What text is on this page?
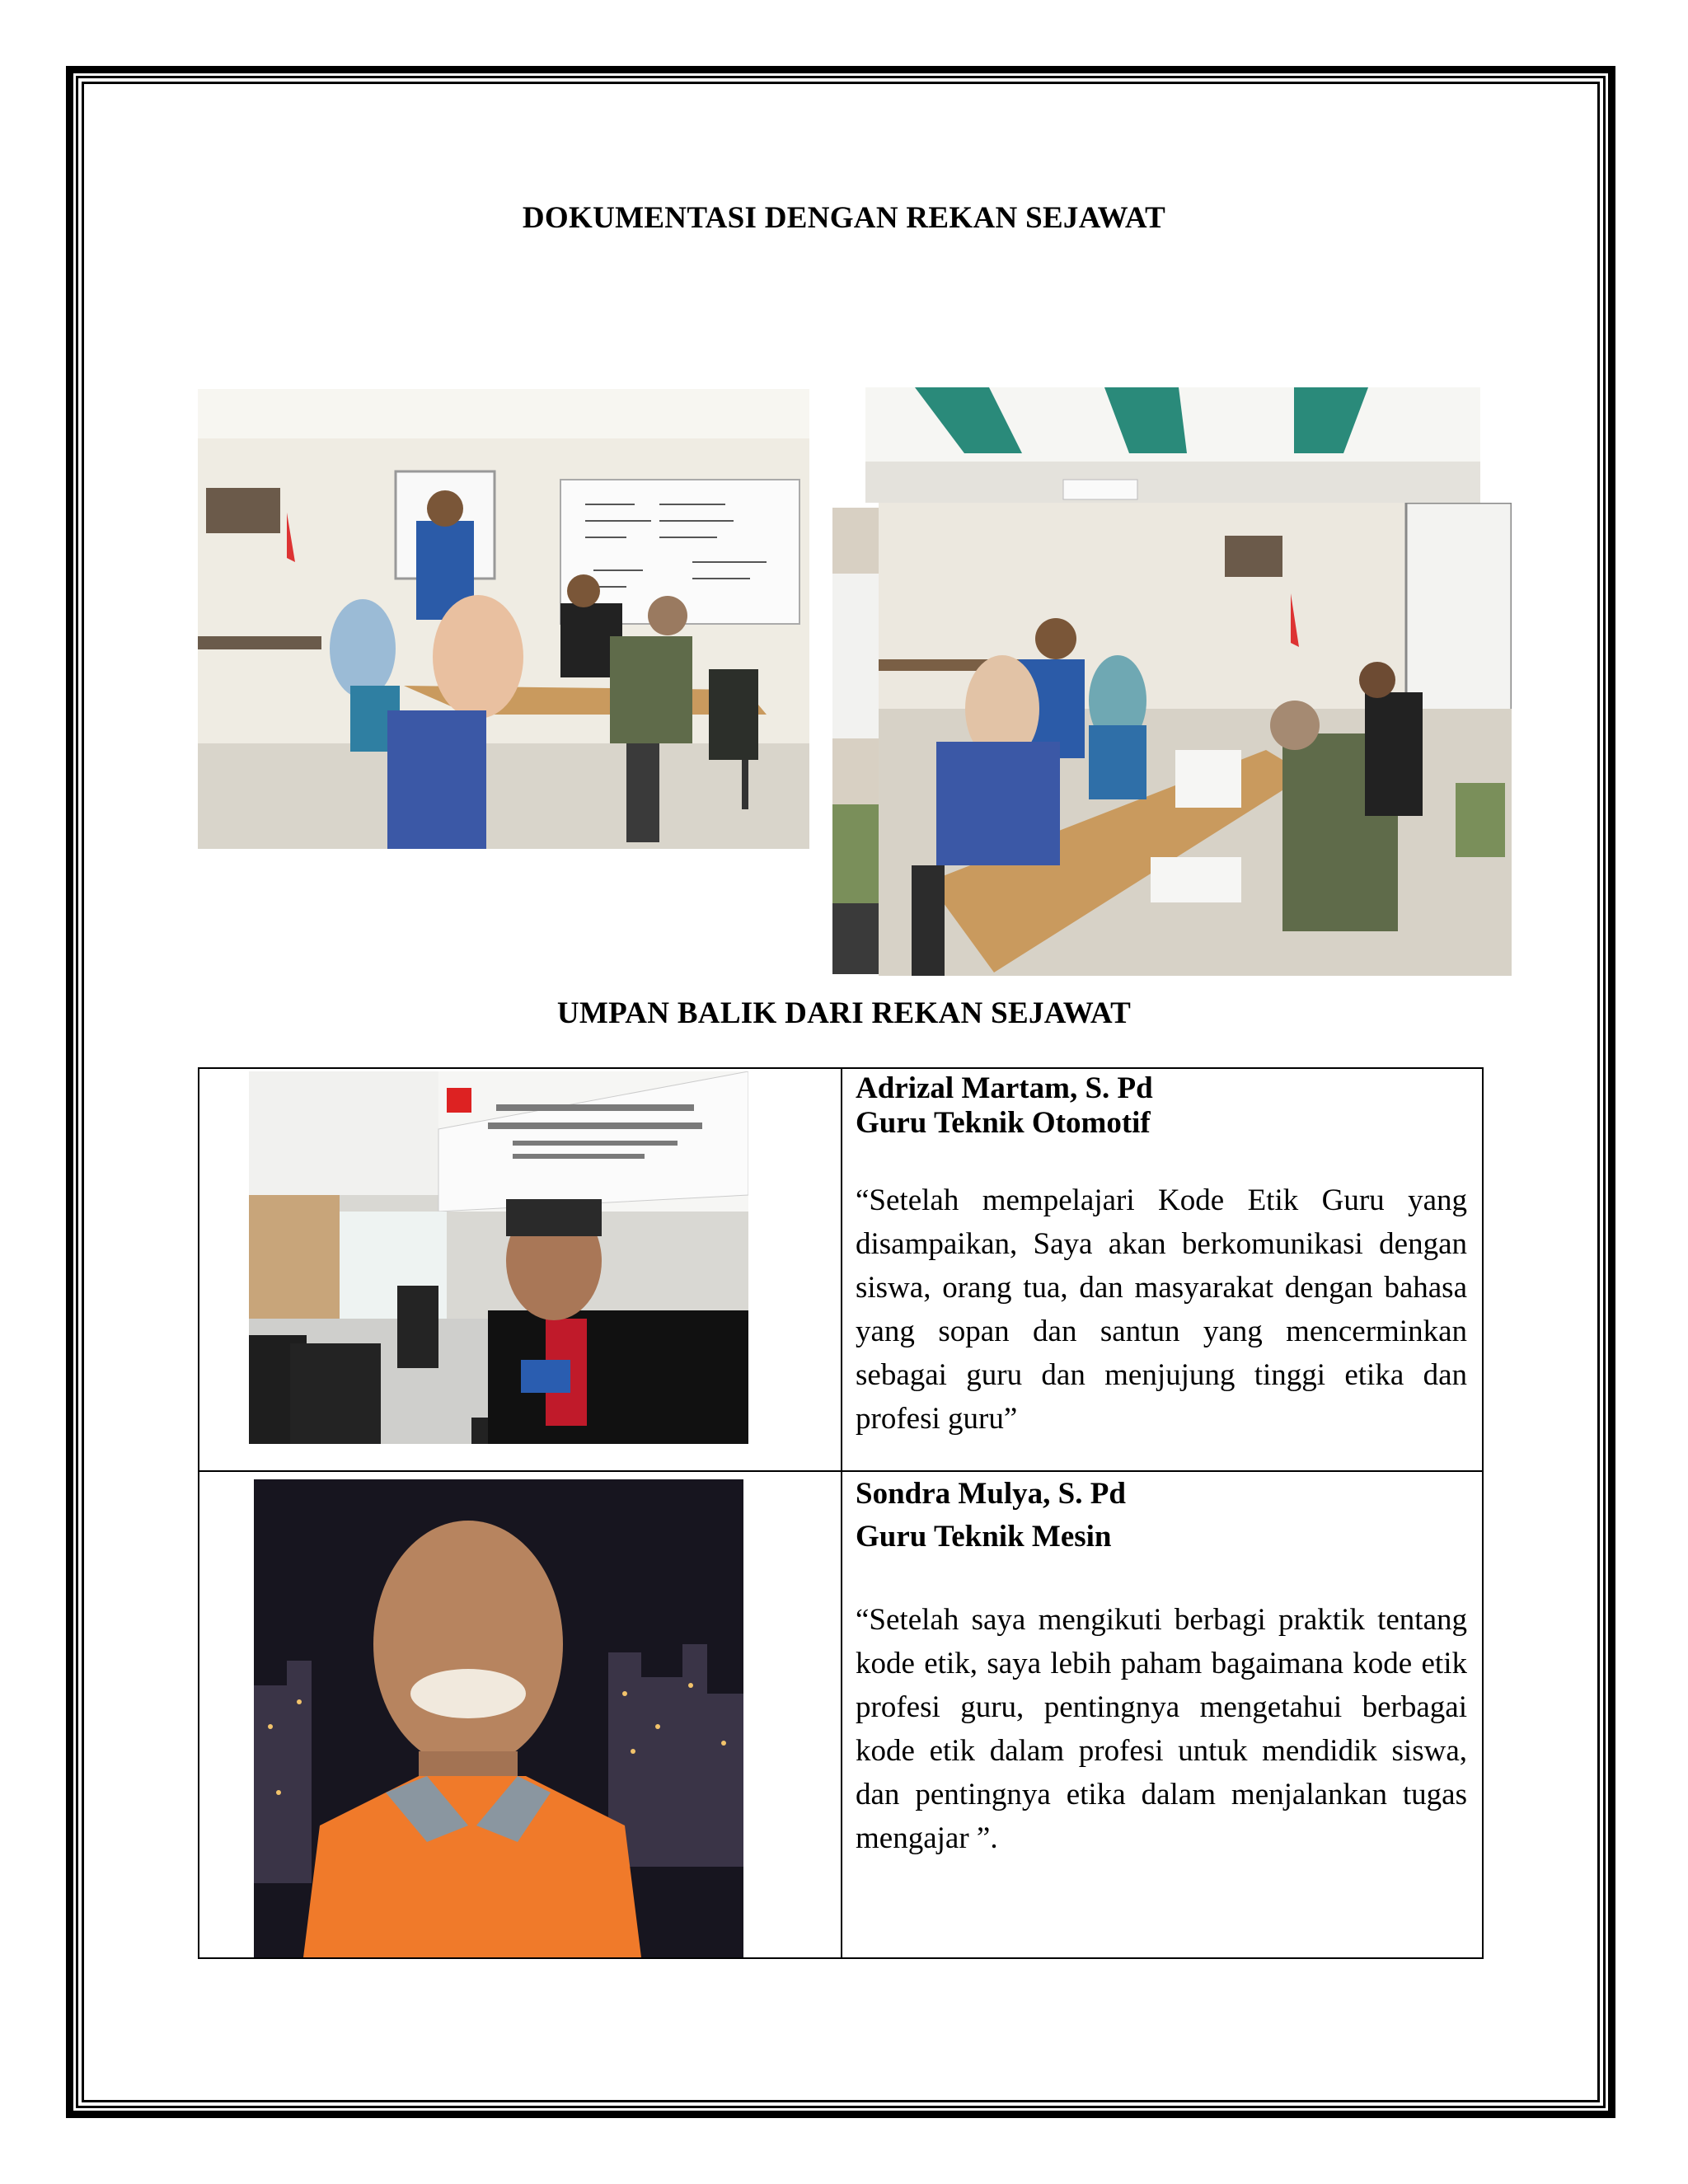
DOKUMENTASI DENGAN REKAN SEJAWAT
UMPAN BALIK DARI REKAN SEJAWAT
Adrizal Martam, S. Pd
Guru Teknik Otomotif
“Setelah mempelajari Kode Etik Guru yang disampaikan, Saya akan berkomunikasi dengan siswa, orang tua, dan masyarakat dengan bahasa yang sopan dan santun yang mencerminkan sebagai guru dan menjujung tinggi etika dan profesi guru”
Sondra Mulya, S. Pd
Guru Teknik Mesin
“Setelah saya mengikuti berbagi praktik tentang kode etik, saya lebih paham bagaimana kode etik profesi guru, pentingnya mengetahui berbagai kode etik dalam profesi untuk mendidik siswa, dan pentingnya etika dalam menjalankan tugas mengajar ”.
